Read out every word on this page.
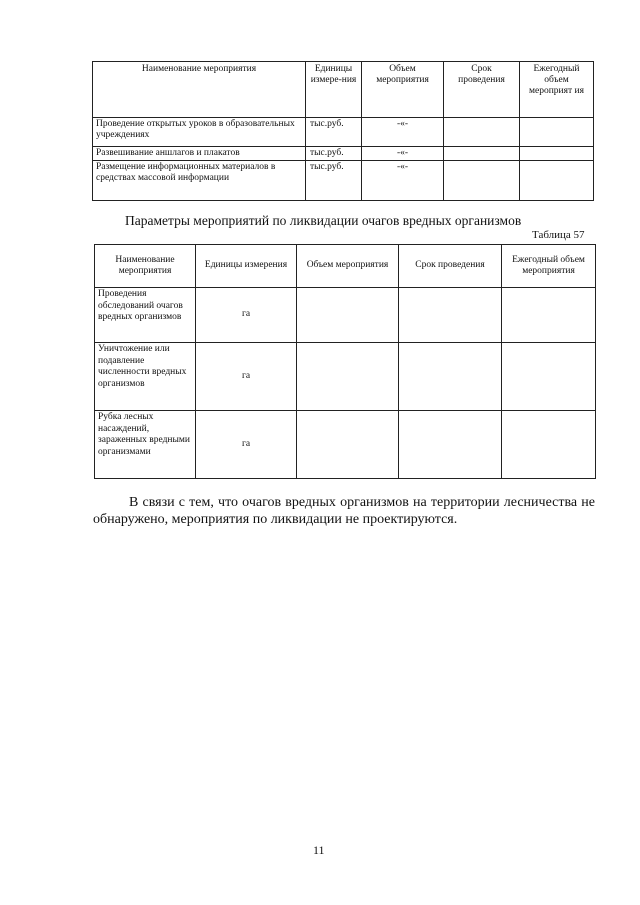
Наименование мероприятия	Единицы измере-ния	Объем мероприятия	Срок проведения	Ежегодный объем мероприят ия
Проведение открытых уроков в образовательных учреждениях	тыс.руб.	-«-		
Развешивание аншлагов и плакатов	тыс.руб.	-«-		
Размещение информационных материалов в средствах массовой информации	тыс.руб.	-«-		
Параметры мероприятий по ликвидации очагов вредных организмов
Таблица 57
Наименование мероприятия	Единицы измерения	Объем мероприятия	Срок проведения	Ежегодный объем мероприятия
Проведения обследований очагов вредных организмов	га			
Уничтожение или подавление численности вредных организмов	га			
Рубка лесных насаждений, зараженных вредными организмами	га			

В связи с тем, что очагов вредных организмов на территории лесничества не обнаружено, мероприятия по ликвидации не проектируются.

11
